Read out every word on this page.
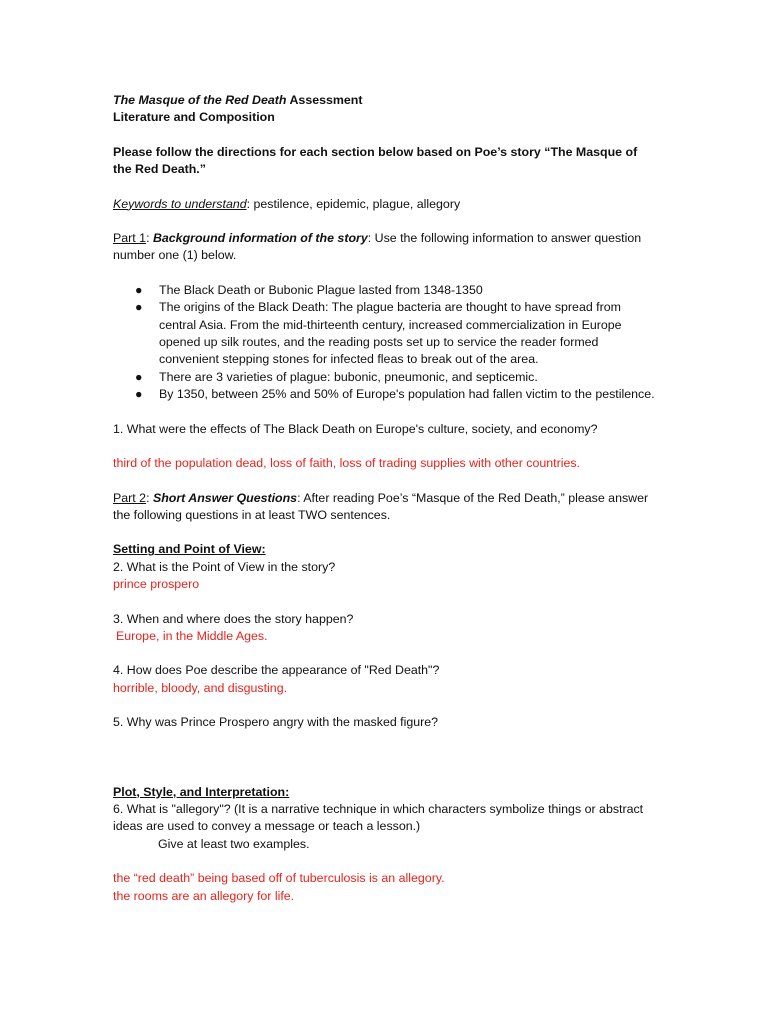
The Masque of the Red Death Assessment
Literature and Composition
Please follow the directions for each section below based on Poe’s story “The Masque of the Red Death.”
Keywords to understand: pestilence, epidemic, plague, allegory
Part 1: Background information of the story: Use the following information to answer question number one (1) below.
● The Black Death or Bubonic Plague lasted from 1348-1350
● The origins of the Black Death: The plague bacteria are thought to have spread from central Asia. From the mid-thirteenth century, increased commercialization in Europe opened up silk routes, and the reading posts set up to service the reader formed convenient stepping stones for infected fleas to break out of the area.
● There are 3 varieties of plague: bubonic, pneumonic, and septicemic.
● By 1350, between 25% and 50% of Europe's population had fallen victim to the pestilence.
1. What were the effects of The Black Death on Europe's culture, society, and economy?
third of the population dead, loss of faith, loss of trading supplies with other countries.
Part 2: Short Answer Questions: After reading Poe’s “Masque of the Red Death,” please answer the following questions in at least TWO sentences.
Setting and Point of View:
2. What is the Point of View in the story?
prince prospero
3. When and where does the story happen?
Europe, in the Middle Ages.
4. How does Poe describe the appearance of "Red Death"?
horrible, bloody, and disgusting.
5. Why was Prince Prospero angry with the masked figure?
Plot, Style, and Interpretation:
6. What is "allegory"? (It is a narrative technique in which characters symbolize things or abstract ideas are used to convey a message or teach a lesson.)
Give at least two examples.
the “red death” being based off of tuberculosis is an allegory.
the rooms are an allegory for life.
